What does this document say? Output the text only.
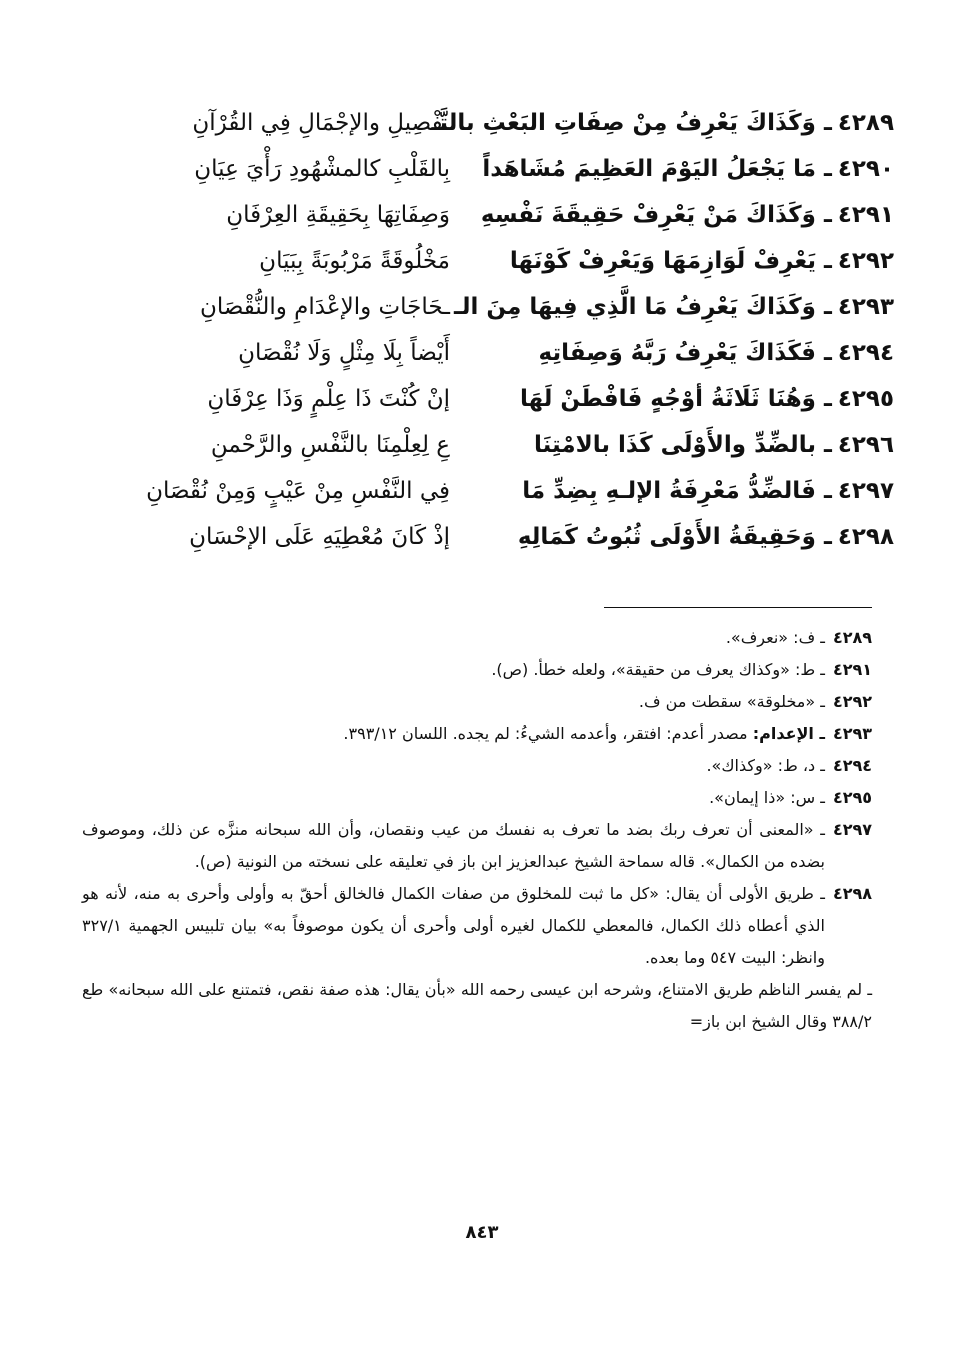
٤٢٨٩ـ وَكَذَاكَ يَعْرِفُ مِنْ صِفَاتِ البَعْثِ بالتَّـ
ـفْصِيلِ والإجْمَالِ فِي القُرْآنِ
٤٢٩٠ـ مَا يَجْعَلُ اليَوْمَ العَظِيمَ مُشَاهَداً
بِالقَلْبِ كالمشْهُودِ رَأْيَ عِيَانِ
٤٢٩١ـ وَكَذَاكَ مَنْ يَعْرِفْ حَقِيقَةَ نَفْسِهِ
وَصِفَاتِهَا بِحَقِيقَةِ العِرْفَانِ
٤٢٩٢ـ يَعْرِفْ لَوَازِمَهَا وَيَعْرِفْ كَوْنَهَا
مَخْلُوقَةً مَرْبُوبَةً بِبَيَانِ
٤٢٩٣ـ وَكَذَاكَ يَعْرِفُ مَا الَّذِي فِيهَا مِنَ الـ
ـحَاجَاتِ والإعْدَامِ والنُّقْصَانِ
٤٢٩٤ـ فَكَذَاكَ يَعْرِفُ رَبَّهُ وَصِفَاتِهِ
أَيْضاً بِلَا مِثْلٍ وَلَا نُقْصَانِ
٤٢٩٥ـ وَهُنَا ثَلَاثَةُ أوْجُهٍ فَافْطَنْ لَهَا
إنْ كُنْتَ ذَا عِلْمٍ وَذَا عِرْفَانِ
٤٢٩٦ـ بالضِّدِّ والأَوْلَى كَذَا بالامْتِنَا
عِ لِعِلْمِنَا بالنَّفْسِ والرَّحْمنِ
٤٢٩٧ـ فَالضِّدُّ مَعْرِفَةُ الإلـهِ بِضِدِّ مَا
فِي النَّفْسِ مِنْ عَيْبٍ وَمِنْ نُقْصَانِ
٤٢٩٨ـ وَحَقِيقَةُ الأَوْلَى ثُبُوتُ كَمَالِهِ
إذْ كَانَ مُعْطِيَهِ عَلَى الإحْسَانِ
٤٢٨٩
ـ ف: «نعرف».
٤٢٩١
ـ ط: «وكذاك يعرف من حقيقة»، ولعله خطأ. (ص).
٤٢٩٢
ـ «مخلوقة» سقطت من ف.
٤٢٩٣
ـ الإعدام: مصدر أعدم: افتقر، وأعدمه الشيءُ: لم يجده. اللسان ٣٩٣/١٢.
٤٢٩٤
ـ د، ط: «وكذاك».
٤٢٩٥
ـ س: «ذا إيمان».
٤٢٩٧
ـ «المعنى أن تعرف ربك بضد ما تعرف به نفسك من عيب ونقصان، وأن الله سبحانه منزَّه عن ذلك، وموصوف بضده من الكمال». قاله سماحة الشيخ عبدالعزيز ابن باز في تعليقه على نسخته من النونية (ص).
٤٢٩٨
ـ طريق الأولى أن يقال: «كل ما ثبت للمخلوق من صفات الكمال فالخالق أحقّ به وأولى وأحرى به منه، لأنه هو الذي أعطاه ذلك الكمال، فالمعطي للكمال لغيره أولى وأحرى أن يكون موصوفاً به» بيان تلبيس الجهمية ٣٢٧/١ وانظر: البيت ٥٤٧ وما بعده.
ـ لم يفسر الناظم طريق الامتناع، وشرحه ابن عيسى رحمه الله «بأن يقال: هذه صفة نقص، فتمتنع على الله سبحانه» طع ٣٨٨/٢ وقال الشيخ ابن باز=
٨٤٣
